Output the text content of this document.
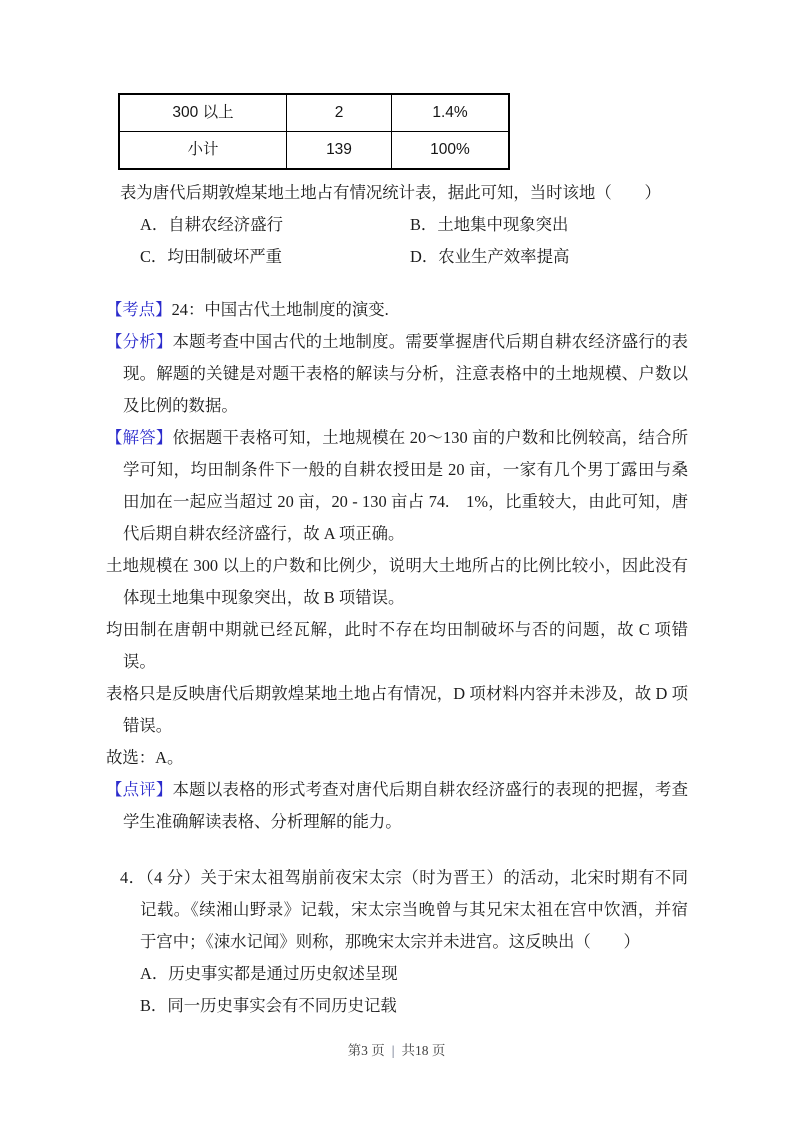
300 以上	2	1.4%
小计	139	100%

表为唐代后期敦煌某地土地占有情况统计表，据此可知，当时该地（　　）

A．自耕农经济盛行	B．土地集中现象突出
C．均田制破坏严重	D．农业生产效率提高

【考点】24：中国古代土地制度的演变.

【分析】本题考查中国古代的土地制度。需要掌握唐代后期自耕农经济盛行的表现。解题的关键是对题干表格的解读与分析，注意表格中的土地规模、户数以及比例的数据。

【解答】依据题干表格可知，土地规模在 20～130 亩的户数和比例较高，结合所学可知，均田制条件下一般的自耕农授田是 20 亩，一家有几个男丁露田与桑田加在一起应当超过 20 亩，20 - 130 亩占 74.　1%，比重较大，由此可知，唐代后期自耕农经济盛行，故 A 项正确。

土地规模在 300 以上的户数和比例少，说明大土地所占的比例比较小，因此没有体现土地集中现象突出，故 B 项错误。

均田制在唐朝中期就已经瓦解，此时不存在均田制破坏与否的问题，故 C 项错误。

表格只是反映唐代后期敦煌某地土地占有情况，D 项材料内容并未涉及，故 D 项错误。

故选：A。

【点评】本题以表格的形式考查对唐代后期自耕农经济盛行的表现的把握，考查学生准确解读表格、分析理解的能力。

4．（4 分）关于宋太祖驾崩前夜宋太宗（时为晋王）的活动，北宋时期有不同记载。《续湘山野录》记载，宋太宗当晚曾与其兄宋太祖在宫中饮酒，并宿于宫中；《涑水记闻》则称，那晚宋太宗并未进宫。这反映出（　　）

A．历史事实都是通过历史叙述呈现

B．同一历史事实会有不同历史记载

第3 页 | 共18 页
